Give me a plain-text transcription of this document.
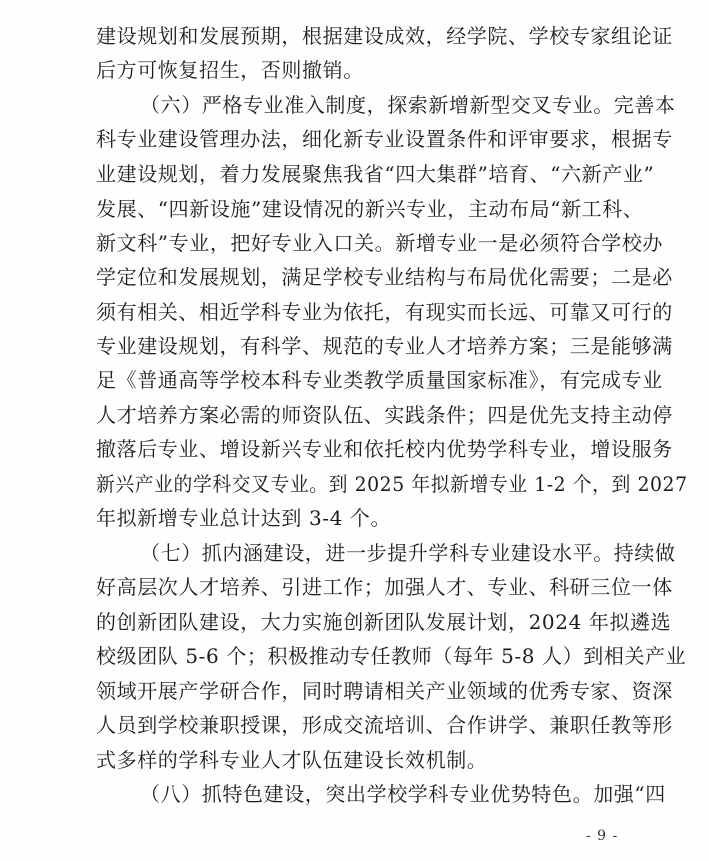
建设规划和发展预期，根据建设成效，经学院、学校专家组论证
后方可恢复招生，否则撤销。
（六）严格专业准入制度，探索新增新型交叉专业。完善本
科专业建设管理办法，细化新专业设置条件和评审要求，根据专
业建设规划，着力发展聚焦我省“四大集群”培育、“六新产业”
发展、“四新设施”建设情况的新兴专业，主动布局“新工科、
新文科”专业，把好专业入口关。新增专业一是必须符合学校办
学定位和发展规划，满足学校专业结构与布局优化需要；二是必
须有相关、相近学科专业为依托，有现实而长远、可靠又可行的
专业建设规划，有科学、规范的专业人才培养方案；三是能够满
足《普通高等学校本科专业类教学质量国家标准》，有完成专业
人才培养方案必需的师资队伍、实践条件；四是优先支持主动停
撤落后专业、增设新兴专业和依托校内优势学科专业，增设服务
新兴产业的学科交叉专业。到 2025 年拟新增专业 1-2 个，到 2027
年拟新增专业总计达到 3-4 个。
（七）抓内涵建设，进一步提升学科专业建设水平。持续做
好高层次人才培养、引进工作；加强人才、专业、科研三位一体
的创新团队建设，大力实施创新团队发展计划，2024 年拟遴选
校级团队 5-6 个；积极推动专任教师（每年 5-8 人）到相关产业
领域开展产学研合作，同时聘请相关产业领域的优秀专家、资深
人员到学校兼职授课，形成交流培训、合作讲学、兼职任教等形
式多样的学科专业人才队伍建设长效机制。
（八）抓特色建设，突出学校学科专业优势特色。加强“四
- 9 -
